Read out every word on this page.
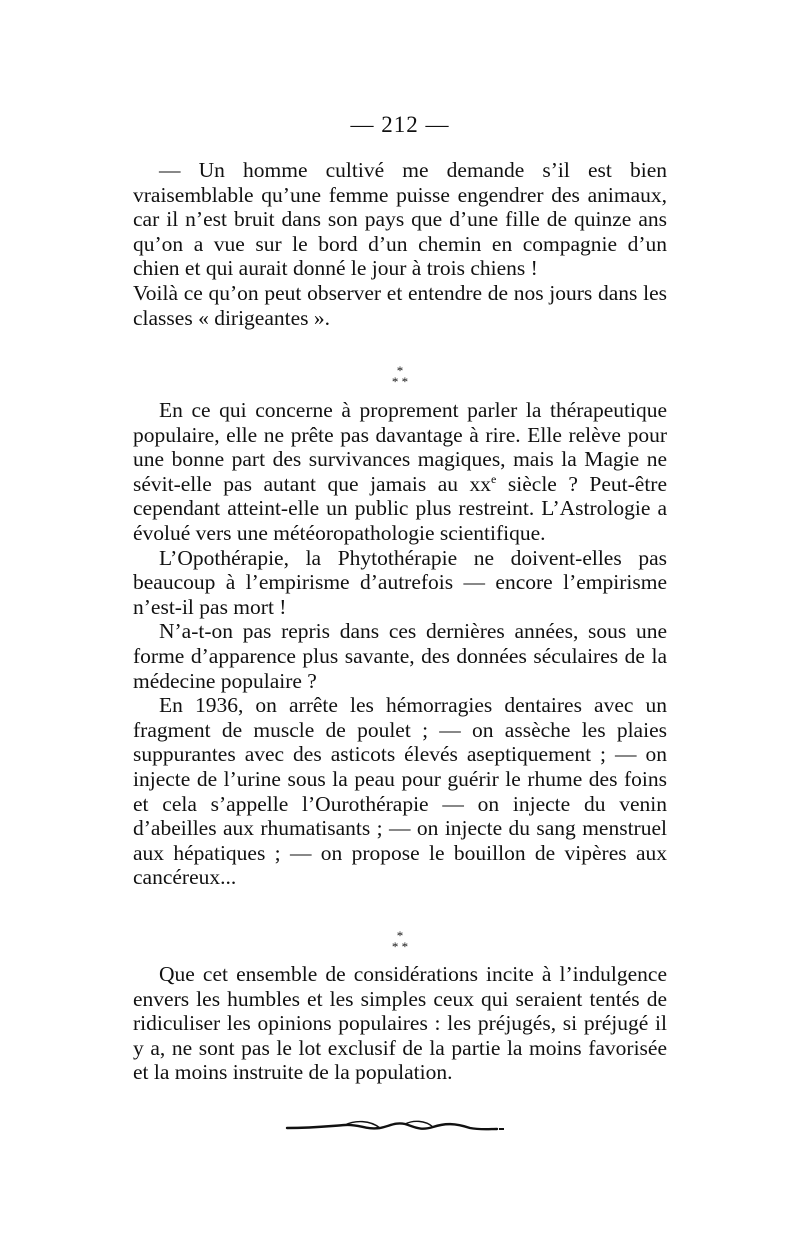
— 212 —

— Un homme cultivé me demande s’il est bien vraisemblable qu’une femme puisse engendrer des animaux, car il n’est bruit dans son pays que d’une fille de quinze ans qu’on a vue sur le bord d’un chemin en compagnie d’un chien et qui aurait donné le jour à trois chiens !

Voilà ce qu’on peut observer et entendre de nos jours dans les classes « dirigeantes ».

*
* *

En ce qui concerne à proprement parler la thérapeutique populaire, elle ne prête pas davantage à rire. Elle relève pour une bonne part des survivances magiques, mais la Magie ne sévit-elle pas autant que jamais au $xx^e$ siècle ? Peut-être cependant atteint-elle un public plus restreint. L’Astrologie a évolué vers une météoropathologie scientifique.

L’Opothérapie, la Phytothérapie ne doivent-elles pas beaucoup à l’empirisme d’autrefois — encore l’empirisme n’est-il pas mort !

N’a-t-on pas repris dans ces dernières années, sous une forme d’apparence plus savante, des données séculaires de la médecine populaire ?

En 1936, on arrête les hémorragies dentaires avec un fragment de muscle de poulet ; — on assèche les plaies suppurantes avec des asticots élevés aseptiquement ; — on injecte de l’urine sous la peau pour guérir le rhume des foins et cela s’appelle l’Ourothérapie — on injecte du venin d’abeilles aux rhumatisants ; — on injecte du sang menstruel aux hépatiques ; — on propose le bouillon de vipères aux cancéreux...

*
* *

Que cet ensemble de considérations incite à l’indulgence envers les humbles et les simples ceux qui seraient tentés de ridiculiser les opinions populaires : les préjugés, si préjugé il y a, ne sont pas le lot exclusif de la partie la moins favorisée et la moins instruite de la population.
